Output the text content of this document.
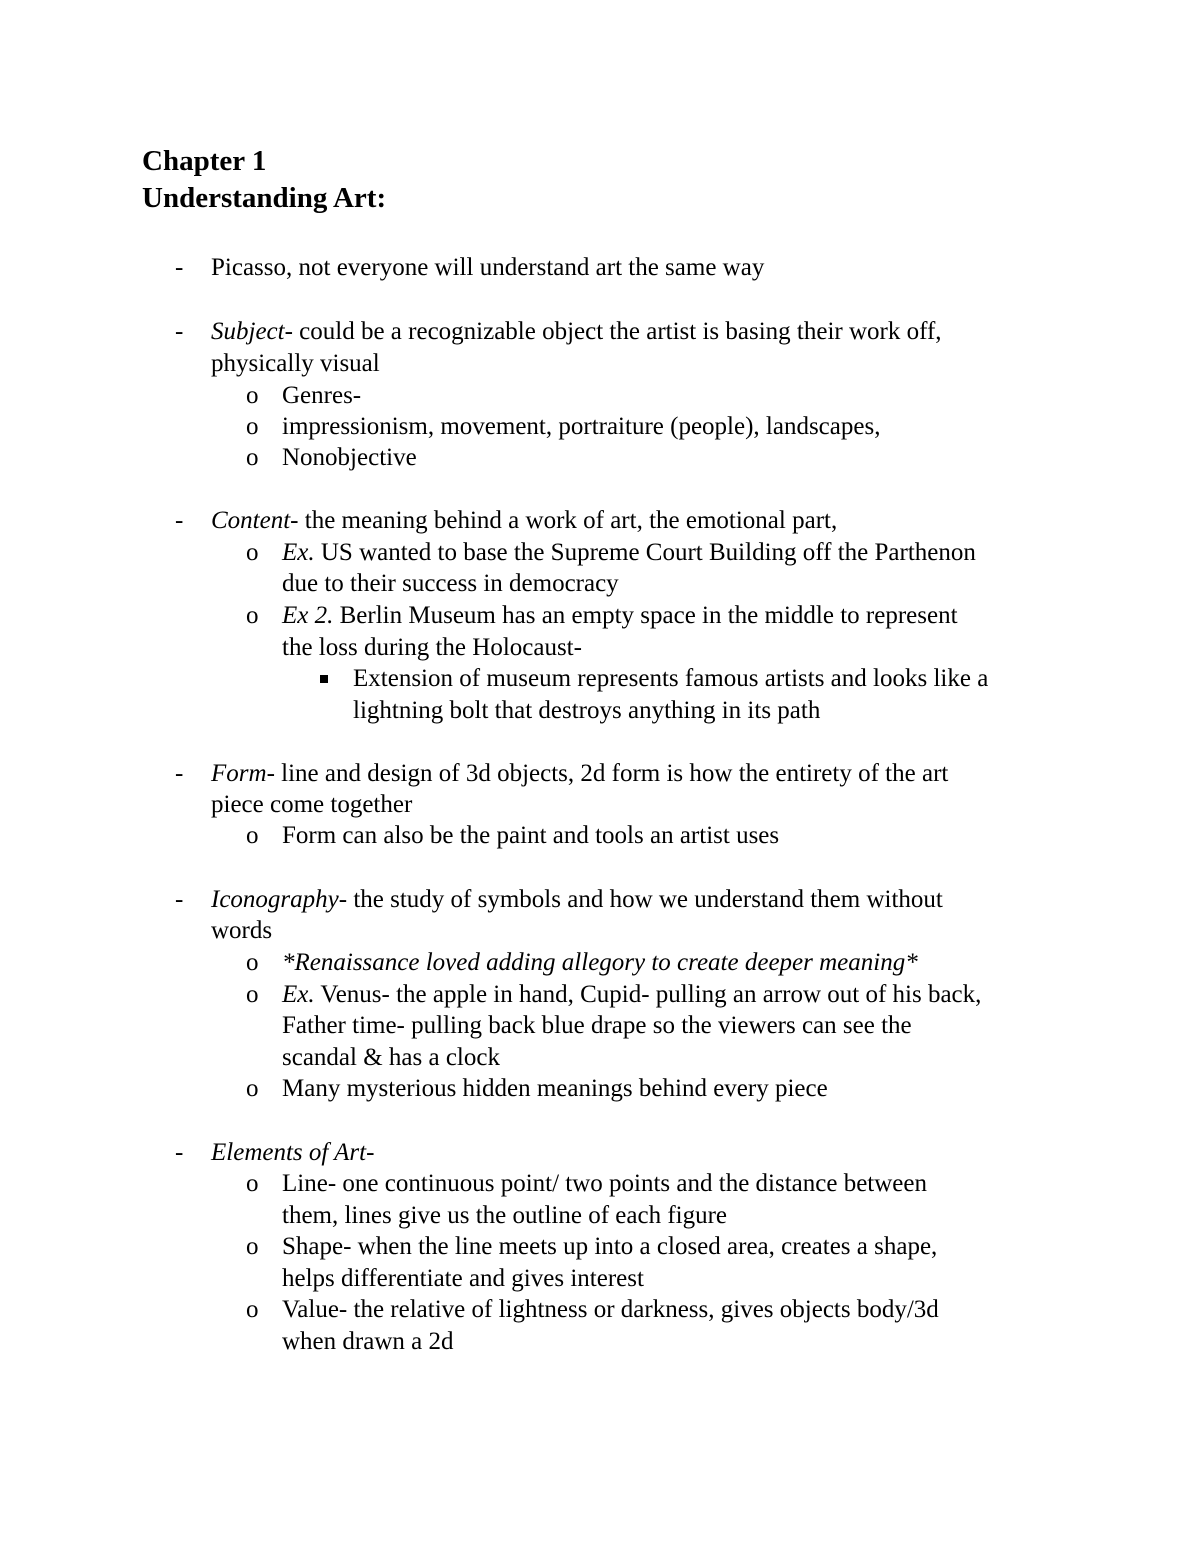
Chapter 1
Understanding Art:
- Picasso, not everyone will understand art the same way
- Subject- could be a recognizable object the artist is basing their work off,
physically visual
o Genres-
o impressionism, movement, portraiture (people), landscapes,
o Nonobjective
- Content- the meaning behind a work of art, the emotional part,
o Ex. US wanted to base the Supreme Court Building off the Parthenon
due to their success in democracy
o Ex 2. Berlin Museum has an empty space in the middle to represent
the loss during the Holocaust-
Extension of museum represents famous artists and looks like a
lightning bolt that destroys anything in its path
- Form- line and design of 3d objects, 2d form is how the entirety of the art
piece come together
o Form can also be the paint and tools an artist uses
- Iconography- the study of symbols and how we understand them without
words
o *Renaissance loved adding allegory to create deeper meaning*
o Ex. Venus- the apple in hand, Cupid- pulling an arrow out of his back,
Father time- pulling back blue drape so the viewers can see the
scandal & has a clock
o Many mysterious hidden meanings behind every piece
- Elements of Art-
o Line- one continuous point/ two points and the distance between
them, lines give us the outline of each figure
o Shape- when the line meets up into a closed area, creates a shape,
helps differentiate and gives interest
o Value- the relative of lightness or darkness, gives objects body/3d
when drawn a 2d
